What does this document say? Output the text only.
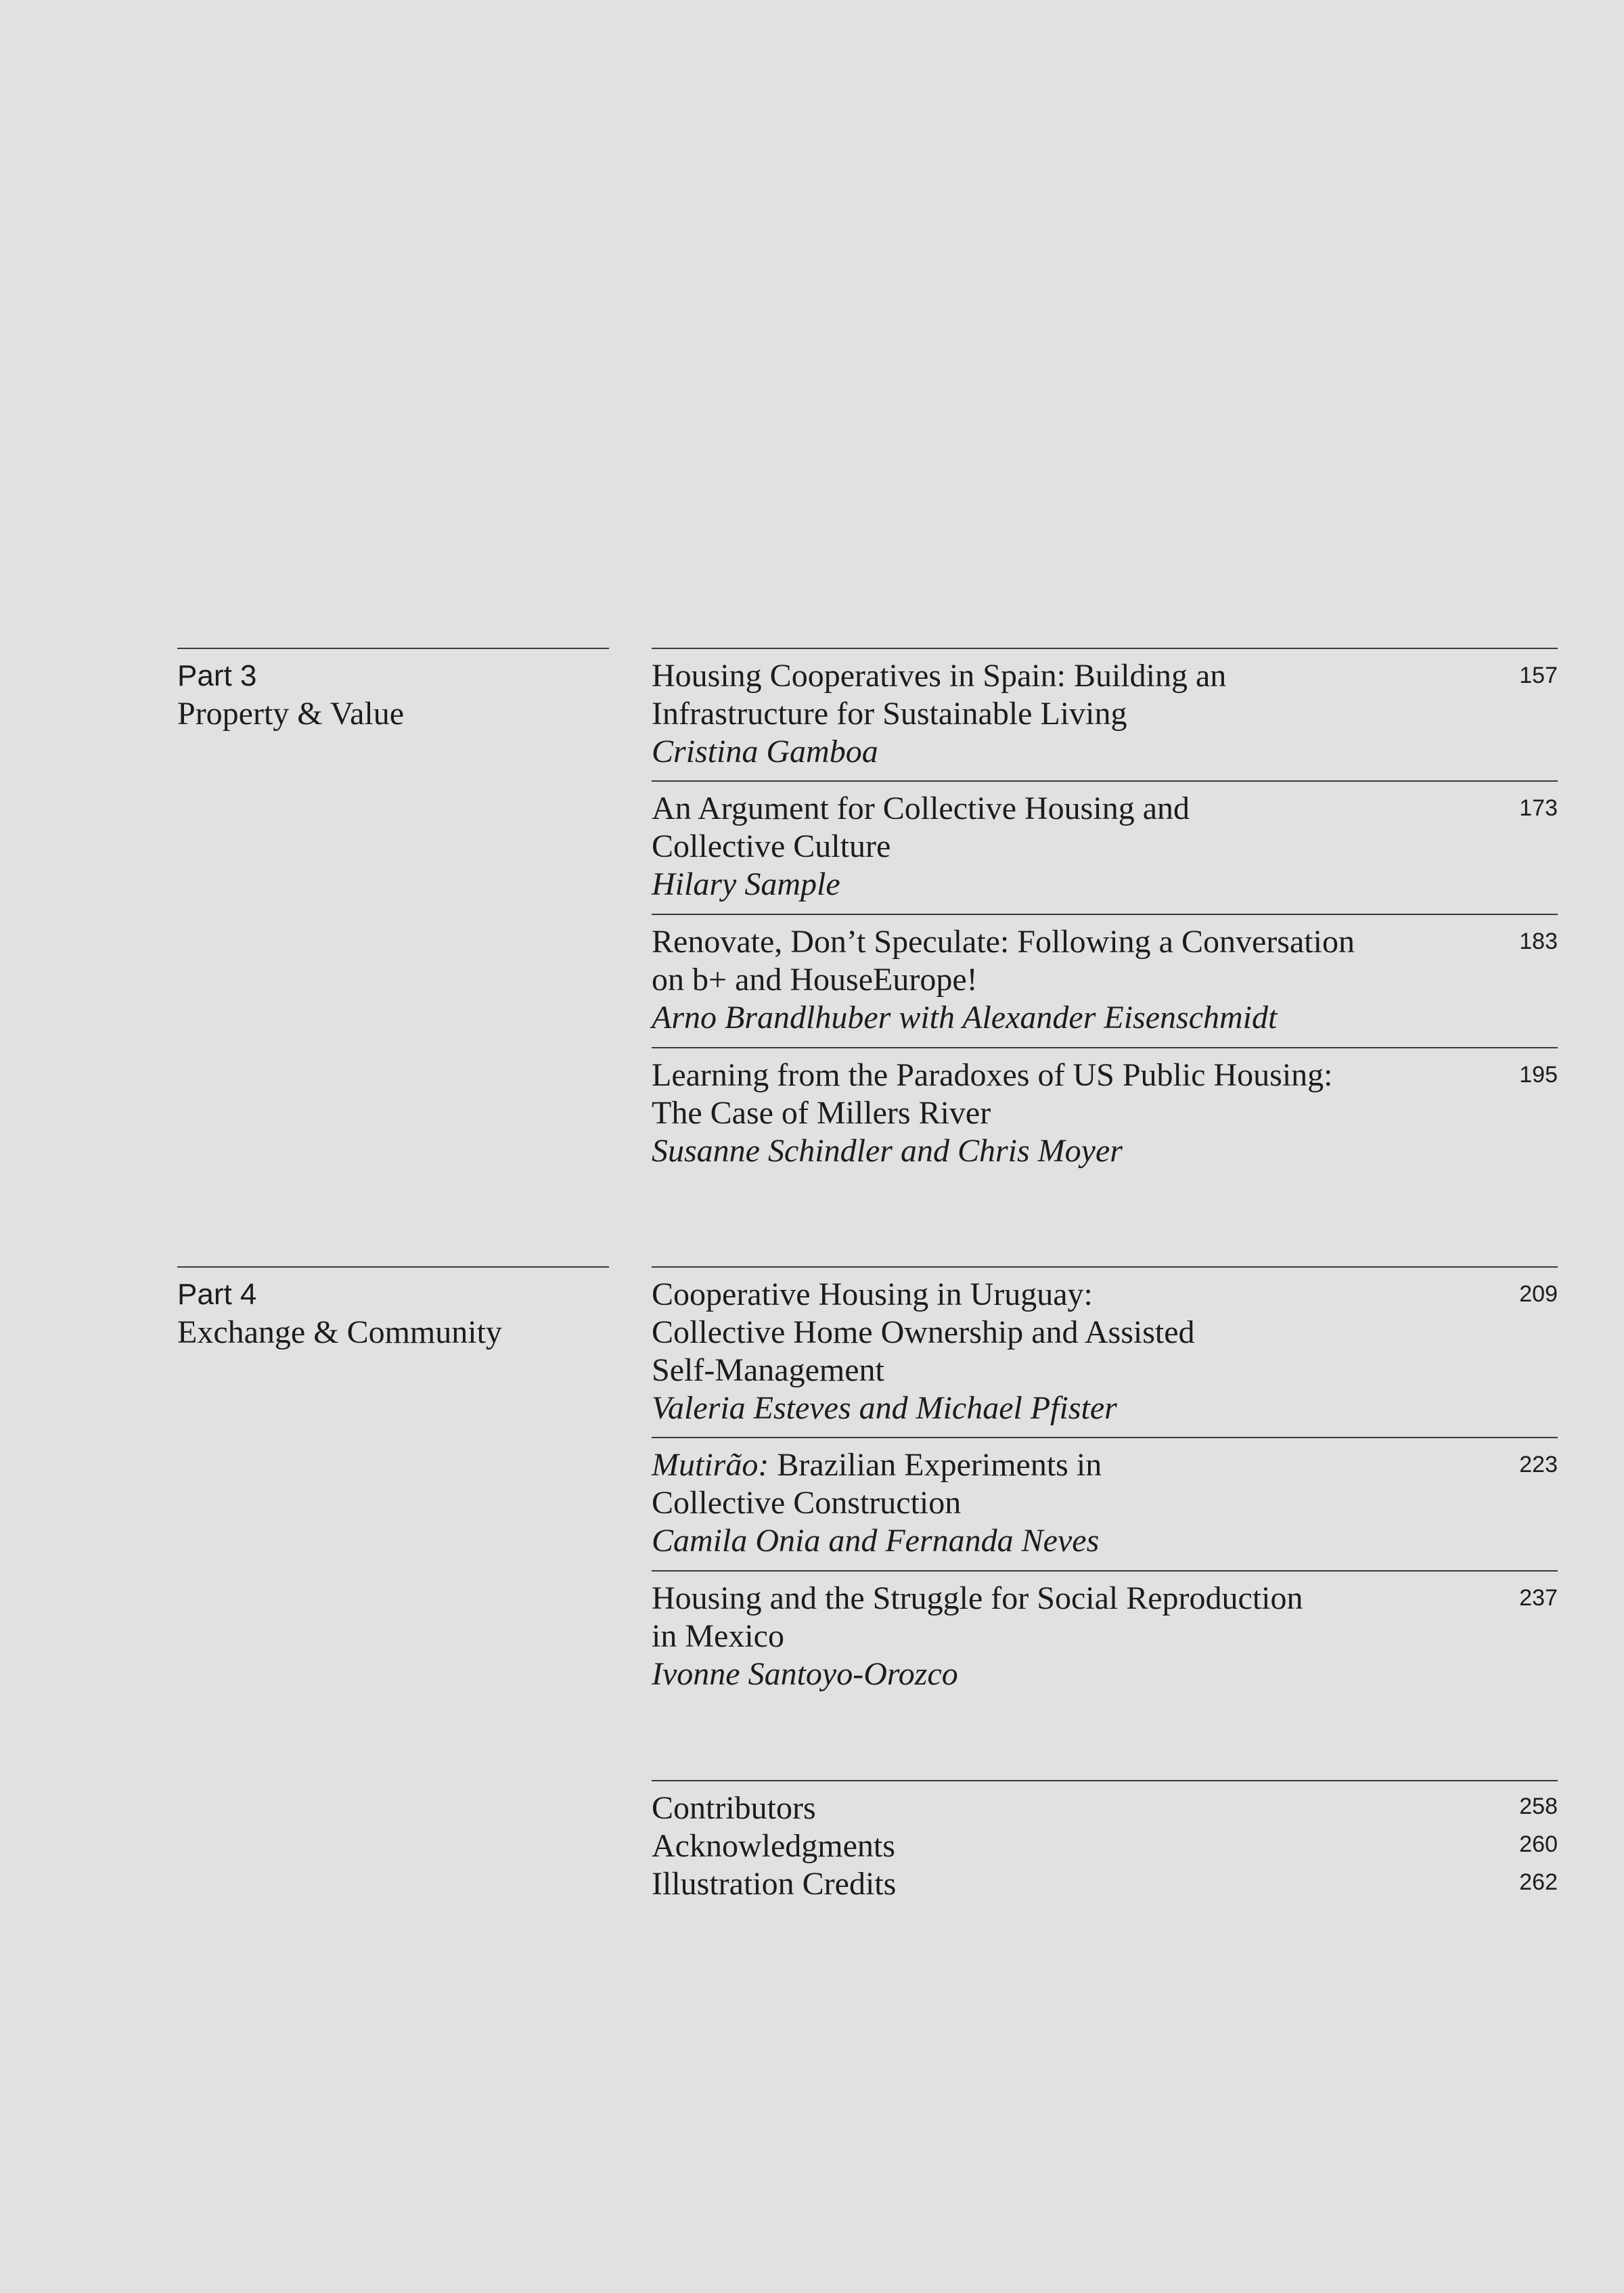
Part 3
Property & Value
Housing Cooperatives in Spain: Building an
Infrastructure for Sustainable Living
Cristina Gamboa
157
An Argument for Collective Housing and
Collective Culture
Hilary Sample
173
Renovate, Don’t Speculate: Following a Conversation
on b+ and HouseEurope!
Arno Brandlhuber with Alexander Eisenschmidt
183
Learning from the Paradoxes of US Public Housing:
The Case of Millers River
Susanne Schindler and Chris Moyer
195
Part 4
Exchange & Community
Cooperative Housing in Uruguay:
Collective Home Ownership and Assisted
Self-Management
Valeria Esteves and Michael Pfister
209
Mutirão: Brazilian Experiments in
Collective Construction
Camila Onia and Fernanda Neves
223
Housing and the Struggle for Social Reproduction
in Mexico
Ivonne Santoyo-Orozco
237
Contributors	258
Acknowledgments	260
Illustration Credits	262
